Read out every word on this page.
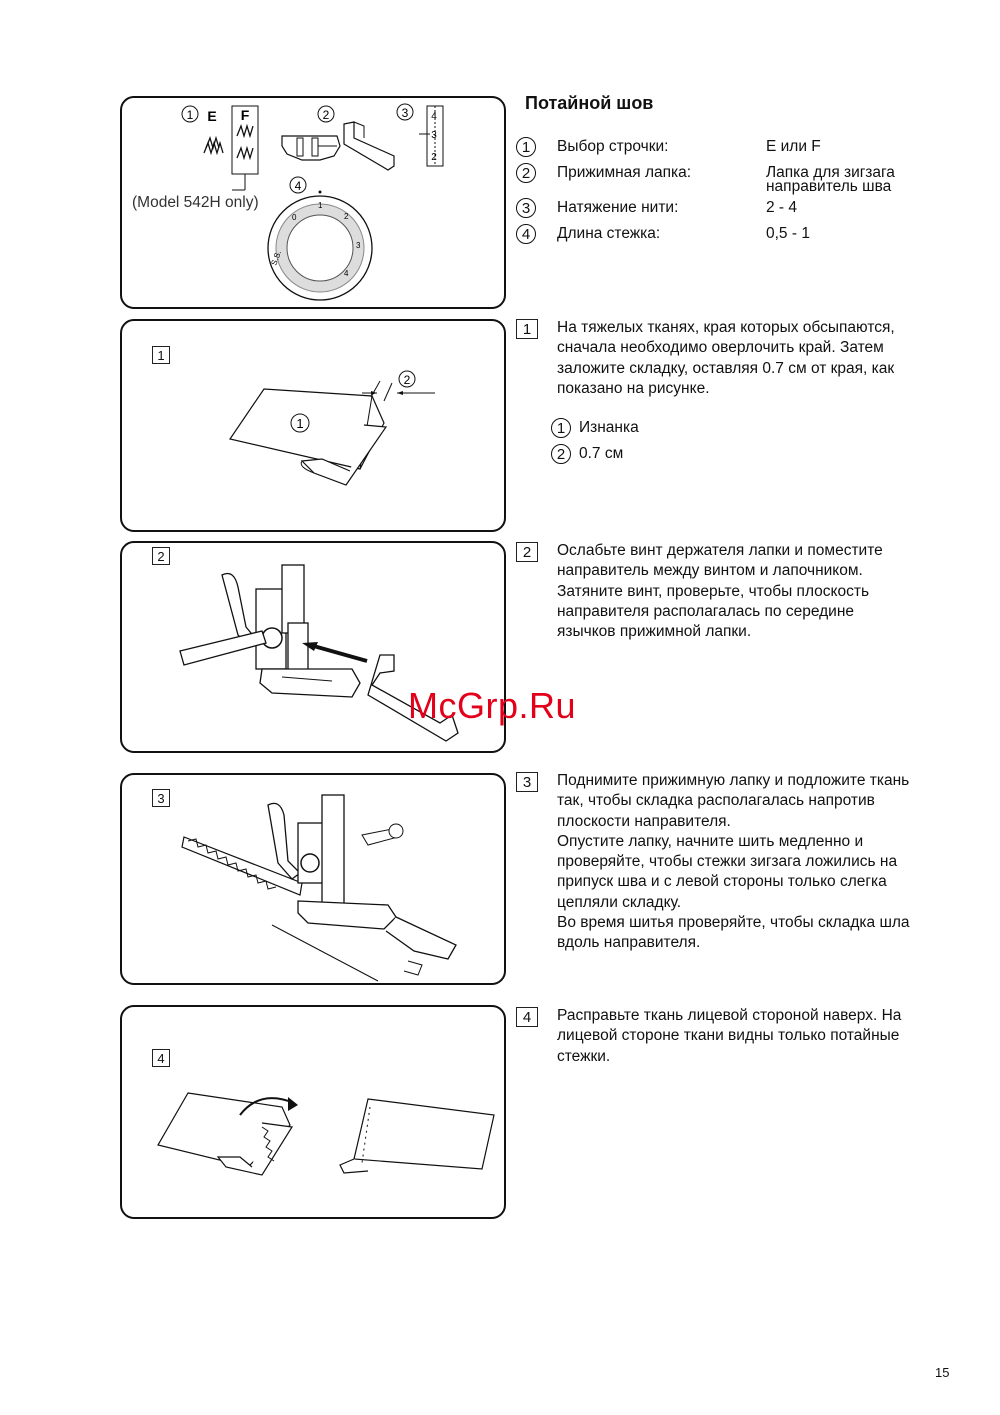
Потайной шов
1	Выбор строчки:	E или F
2	Прижимная лапка:	Лапка для зигзага
направитель шва
3	Натяжение нити:	2 - 4
4	Длина стежка:	0,5 - 1
1	2	3
4
E F	4
3
2
0
1
2
3
4
S.S.
(Model 542H only)
1
2
1
2
3
4
1	На тяжелых тканях, края которых обсыпаются,

сначала необходимо оверлочить край. Затем

заложите складку, оставляя 0.7 см от края, как

показано на рисунке.

1 Изнанка
2 0.7 см
2	Ослабьте винт держателя лапки и поместите

направитель между винтом и лапочником.

Затяните винт, проверьте, чтобы плоскость

направителя располагалась по середине

язычков прижимной лапки.

3	Поднимите прижимную лапку и подложите ткань

так, чтобы складка располагалась напротив

плоскости направителя.

Опустите лапку, начните шить медленно и

проверяйте, чтобы стежки зигзага ложились на

припуск шва и с левой стороны только слегка

цепляли складку.

Во время шитья проверяйте, чтобы складка шла

вдоль направителя.

4	Расправьте ткань лицевой стороной наверх. На

лицевой стороне ткани видны только потайные

стежки.

McGrp.Ru
15
